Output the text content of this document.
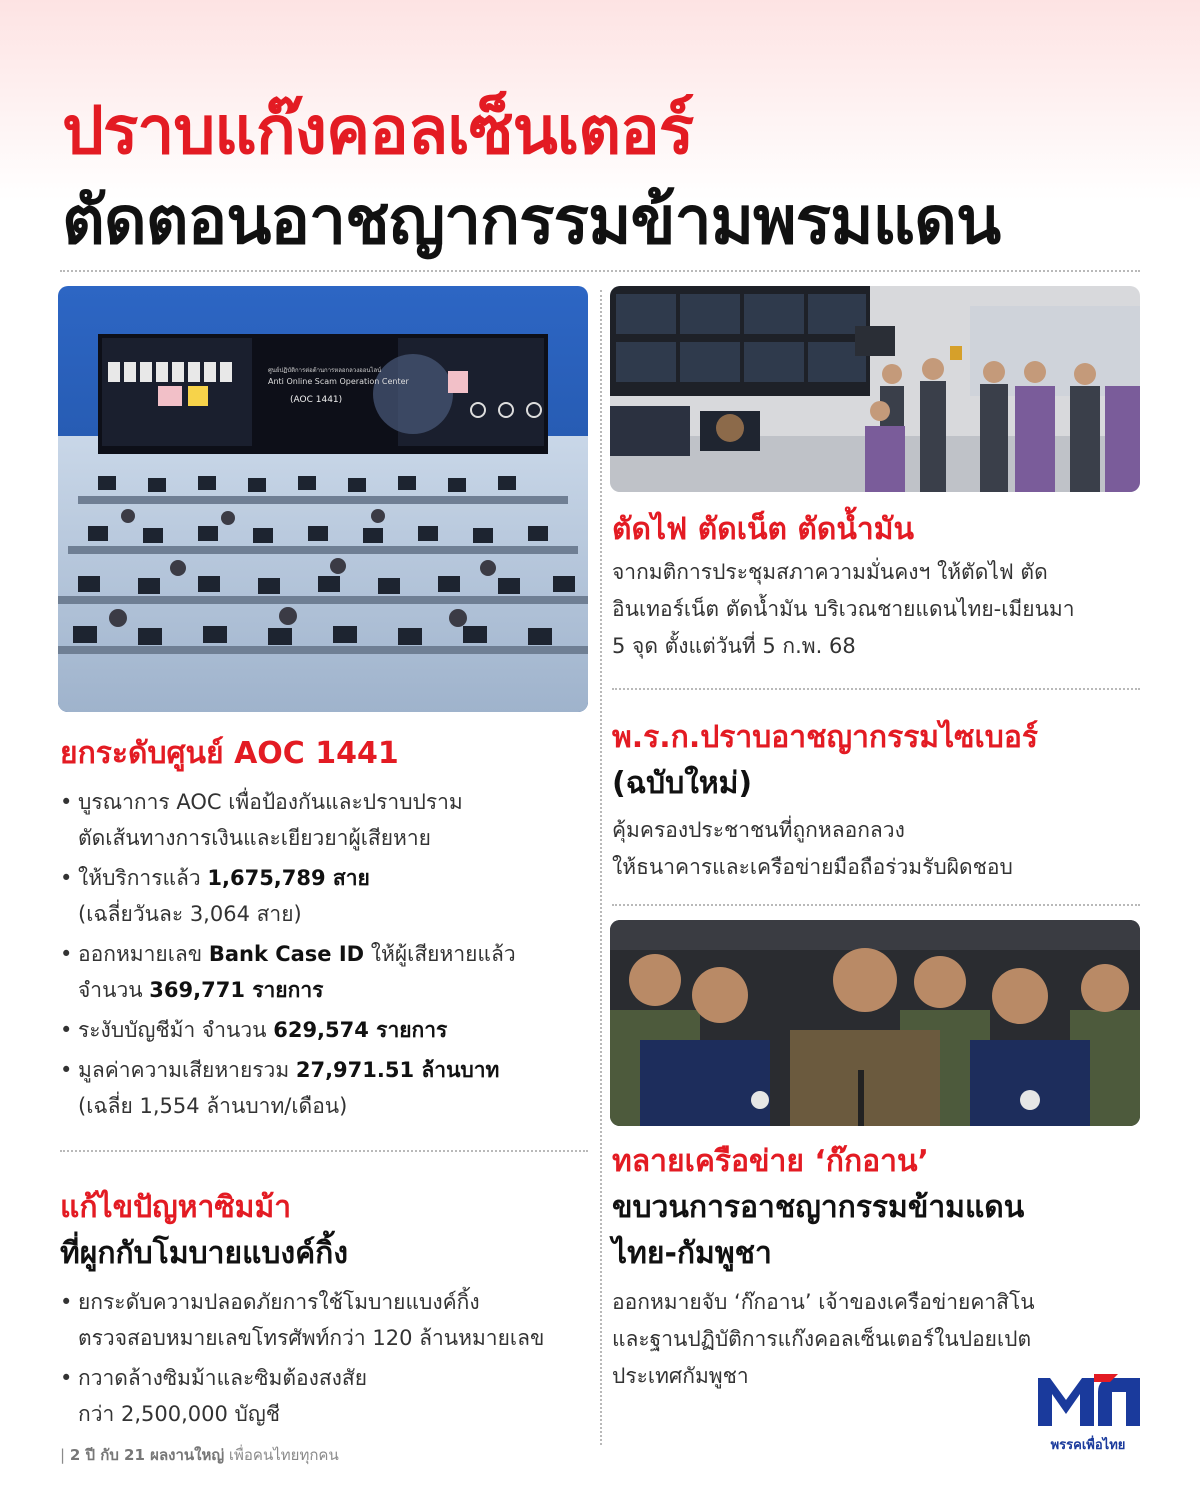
ปราบแก๊งคอลเซ็นเตอร์
ตัดตอนอาชญากรรมข้ามพรมแดน
ศูนย์ปฏิบัติการต่อต้านการหลอกลวงออนไลน์
Anti Online Scam Operation Center
(AOC 1441)
ยกระดับศูนย์ AOC 1441
• บูรณาการ AOC เพื่อป้องกันและปราบปราม
ตัดเส้นทางการเงินและเยียวยาผู้เสียหาย
• ให้บริการแล้ว 1,675,789 สาย
(เฉลี่ยวันละ 3,064 สาย)
• ออกหมายเลข Bank Case ID ให้ผู้เสียหายแล้ว
จำนวน 369,771 รายการ
• ระงับบัญชีม้า จำนวน 629,574 รายการ
• มูลค่าความเสียหายรวม 27,971.51 ล้านบาท
(เฉลี่ย 1,554 ล้านบาท/เดือน)
แก้ไขปัญหาซิมม้า
ที่ผูกกับโมบายแบงค์กิ้ง
• ยกระดับความปลอดภัยการใช้โมบายแบงค์กิ้ง
ตรวจสอบหมายเลขโทรศัพท์กว่า 120 ล้านหมายเลข
• กวาดล้างซิมม้าและซิมต้องสงสัย
กว่า 2,500,000 บัญชี
ตัดไฟ ตัดเน็ต ตัดน้ำมัน
จากมติการประชุมสภาความมั่นคงฯ ให้ตัดไฟ ตัด
อินเทอร์เน็ต ตัดน้ำมัน บริเวณชายแดนไทย-เมียนมา
5 จุด ตั้งแต่วันที่ 5 ก.พ. 68
พ.ร.ก.ปราบอาชญากรรมไซเบอร์
(ฉบับใหม่)
คุ้มครองประชาชนที่ถูกหลอกลวง
ให้ธนาคารและเครือข่ายมือถือร่วมรับผิดชอบ
ทลายเครือข่าย ‘ก๊กอาน’
ขบวนการอาชญากรรมข้ามแดน
ไทย-กัมพูชา
ออกหมายจับ ‘ก๊กอาน’ เจ้าของเครือข่ายคาสิโน
และฐานปฏิบัติการแก๊งคอลเซ็นเตอร์ในปอยเปต
ประเทศกัมพูชา
| 2 ปี กับ 21 ผลงานใหญ่ เพื่อคนไทยทุกคน
พรรคเพื่อไทย
